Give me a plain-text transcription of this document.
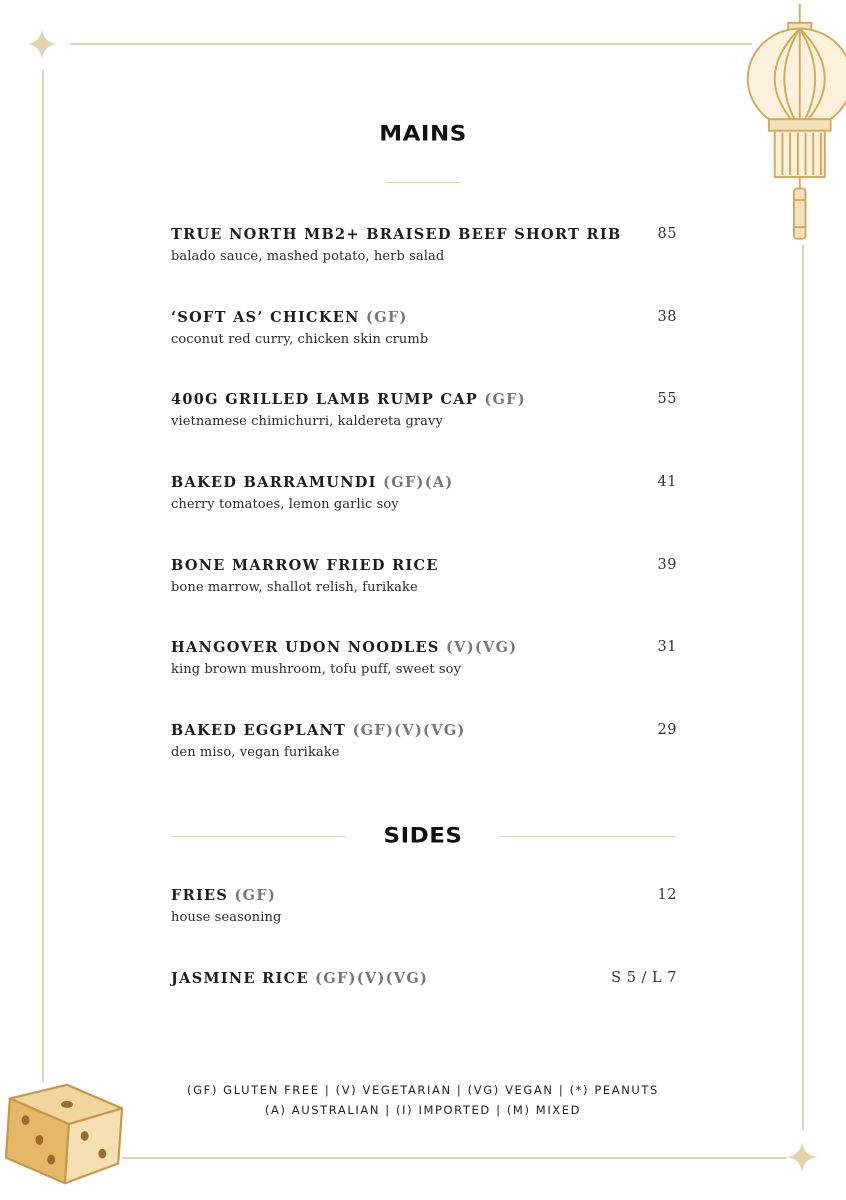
MAINS
TRUE NORTH MB2+ BRAISED BEEF SHORT RIB	85
balado sauce, mashed potato, herb salad
‘SOFT AS’ CHICKEN (GF)	38
coconut red curry, chicken skin crumb
400G GRILLED LAMB RUMP CAP (GF)	55
vietnamese chimichurri, kaldereta gravy
BAKED BARRAMUNDI (GF)(A)	41
cherry tomatoes, lemon garlic soy
BONE MARROW FRIED RICE	39
bone marrow, shallot relish, furikake
HANGOVER UDON NOODLES (V)(VG)	31
king brown mushroom, tofu puff, sweet soy
BAKED EGGPLANT (GF)(V)(VG)	29
den miso, vegan furikake
SIDES
FRIES (GF)	12
house seasoning
JASMINE RICE (GF)(V)(VG)	S 5 / L 7
(GF) GLUTEN FREE | (V) VEGETARIAN | (VG) VEGAN | (*) PEANUTS
(A) AUSTRALIAN | (I) IMPORTED | (M) MIXED
